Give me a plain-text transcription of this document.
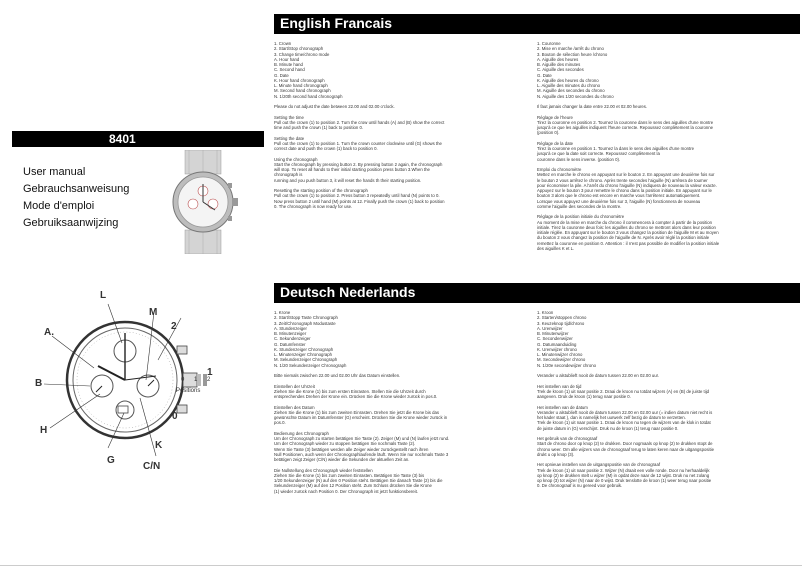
8401
User manual
Gebrauchsanweisung
Mode d'emploi
Gebruiksaanwijzing
L
M
2
A.
B
1
H
K
0
G
C/N
0 1 2
Positions
English Francais

1. Crown
2. Start/Stop chronograph
3. Change time/chrono mode
A. Hour hand
B. Minute hand
C. Second hand
G. Date
K. Hour hand chronograph
L. Minute hand chronograph
M. Second hand chronograph
N. 1/20th second hand chronograph

Please do not adjust the date between 22.00 and 02.00 o'clock.

Setting the time
Pull out the crown (1) to position 2. Turn the crow until hands (A) and (B) show the correct
time and push the crown (1) back to position 0.

Setting the date
Pull out the crown (1) to position 1. Turn the crown counter clockwise until (G) shows the
correct date and push the crown (1) back to position 0.

Using the chronograph
Start the chronograph by pressing button 2. By pressing button 2 again, the chronograph
will stop. To reset all hands to their initial starting position press button 3.When the
chronograph is
running and you push button 3, it will reset the hands th their starting position.

Resetting the starting position of the chronograph
Pull out the crown (1) to position 2. Press button 3 repeatedly until hand (N) points to 0.
Now press button 2 until hand (M) points at 12. Finally push the crown (1) back to position
0. The chronograph is now ready for use.

1. Couronne
2. Mise en marche /arrêt du chrono
3. Bouton de sélection heure /chrono
A. Aiguille des heures
B. Aiguille des minutes
C. Aiguille des secondes
G. Date
K. Aiguille des heures du chrono
L. Aiguille des minutes du chrono
M. Aiguille des secondes du chrono
N. Aiguille des 1/20 secondes du chrono

Il faut jamais changer la date entre 22.00 et 02.00 heures.

Réglage de l'heure
Tirez la couronne en position 2. Tournez la couronne dans le sens des aiguilles d'une montre
jusqu'à ce que les aiguilles indiquent l'heure correcte. Repoussez complètement la couronne
(position 0).

Réglage de la date
Tirez la couronne en position 1. Tournez la dans le sens des aiguilles d'une montre
jusqu'à ce que la date soit correcte. Repoussez complètement la
couronne dans le sens inverse. (position 0).

Emploi du chronomètre
Mettez en marche le chrono en appuyant sur le bouton 2. En appuyant une deuxième fois sur
le bouton 2 vous arrêtez le chrono. Après trente secondes l'aiguille (N) arrêtera de tourner
pour économiser la pile. A l'arrêt du chrono l'aiguille (N) indiquera de nouveau la valeur exacte.
Appuyez sur le bouton 3 pour remettre le chrono dans la position initiale. En appuyant sur le
bouton 3 alors que le chrono est encore en marche vous l'arrêterez automatiquement.
Lorsque vous appuyez une deuxième fois sur 3, l'aiguille (N) fonctionnera de nouveau
comme l'aiguille des secondes de la montre.

Réglage de la position initiale du chronomètre
Au moment de la mise en marche du chrono il commencera à compter à partir de la position
initiale. Tirez la couronne deux fois: les aiguilles du chrono se mettront alors dans leur position
initiale réglée. En appuyant sur le bouton 3 vous changez la position de l'aiguille M et au moyen
du bouton 2 vous changez la position de l'aiguille de N. Après avoir réglé la position initiale
remettez la couronne en position 0. Attention : il n'est pas possible de modifier la position initiale
des aiguilles K et L.

Deutsch Nederlands

1. Krone
2. Start/Stopp Taste Chronograph
3. Zeit/Chronograph Modustaste
A. Stundenzeiger
B. Minutenzeiger
C. Sekundenzeiger
G. Datumfenster
K. Stundenzeiger Chronograph
L. Minutenzeiger Chronograph
M. Sekundenzeiger Chronograph
N. 1/20 Sekundenzeiger Chronograph

Bitte niemals zwischen 22.00 und 02.00 Uhr das Datum einstellen.

Einstellen der Uhrzeit
Ziehen Sie die Krone (1) bis zum ersten Einrasten. Stellen Sie die Uhrzeit durch
entsprechendes Drehen der Krone ein. Drücken Sie die Krone wieder zurück in pos.0.

Einstellen des Datum
Ziehen Sie die Krone (1) bis zum zweiten Einrasten. Drehen Sie jetzt die Krone bis das
gewünschte Datum im Datumfenster (G) erscheint. Drücken Sie die Krone wieder zurück in
pos.0.

Bedienung des Chronograph
Um der Chronograph zu starten betätigen Sie Taste (2). Zeiger (M) und (N) laufen jetzt rund.
Um der Chronograph wieder zu stoppen betätigen Sie nochmals Taste (2).
Wenn Sie Taste (3) betätigen werden alle Zeiger wieder zurückgestellt nach ihren
Null Positionen, auch wenn der Chronographlaufende läuft. Wenn Sie nur nochmals Taste 3
betätigen zeigt Zeiger (C/N) wieder die Sekunden der aktuellen Zeit an.

Die Nullstellung des Chronograph wieder feststellen
Ziehen Sie die Krone (1) bis zum zweiten Einrasten. Betätigen Sie Taste (3) bis
1/20 Sekundenzeiger (N) auf den 0 Position steht. Betätigen Sie danach Taste (2) bis die
Sekundenzeiger (M) auf den 12 Position steht. Zum Schluss drücken Sie die Krone
(1) wieder zurück nach Position 0. Der Chronograph ist jetzt funktionsbereit.

1. Kroon
2. Starten/stoppen chrono
3. Keuzeknop tijd/chrono
A. Urenwijzer
B. Minutenwijzer
C. Secondenwijzer
G. Datumaanduiding
K. Urenwijzer chrono
L. Minutenwijzer chrono
M. Secondewijzer chrono
N. 1/20e secondewijzer chrono

Verander u alstublieft nooit de datum tussen 22.00 en 02.00 uur.

Het instellen van de tijd
Trek de kroon (1) uit naar positie 2. Draai de kroon nu totdat wijzers (A) en (B) de juiste tijd
aangeven. Druk de kroon (1) terug naar positie 0.

Het instellen van de datum
Verander u alstublieft nooit de datum tussen 22.00 en 02.00 uur (= indien datum niet recht is
het kader staat ), dan is namelijk het uurwerk zelf bezig de datum te verzetten.
Trek de kroon (1) uit naar positie 1. Draai de kroon nu tegen de wijzers van de klok in totdat
de juiste datum in (G) verschijnt. Druk nu de kroon (1) terug naar positie 0.

Het gebruik van de chronograaf
Start de chrono door op knop (2) te drukken. Door nogmaals op knop (2) te drukken stopt de
chrono weer. Om alle wijzers van de chronograaf terug te laten keren naar de uitgangspositie
drukt u op knop (3).

Het opnieuw instellen van de uitgangspositie van de chronograaf
Trek de kroon (1) uit naar positie 2. Wijzer (N) draait een volle ronde. Door nu herhaaldelijk
op knop (2) te drukken stelt u wijzer (M) in opdat deze naar de 12 wijst. Druk nu net zolang
op knop (3) tot wijzer (N) naar de 0 wijst. Druk tenslotte de kroon (1) weer terug naar positie
0. De chronograaf is nu gereed voor gebruik.
